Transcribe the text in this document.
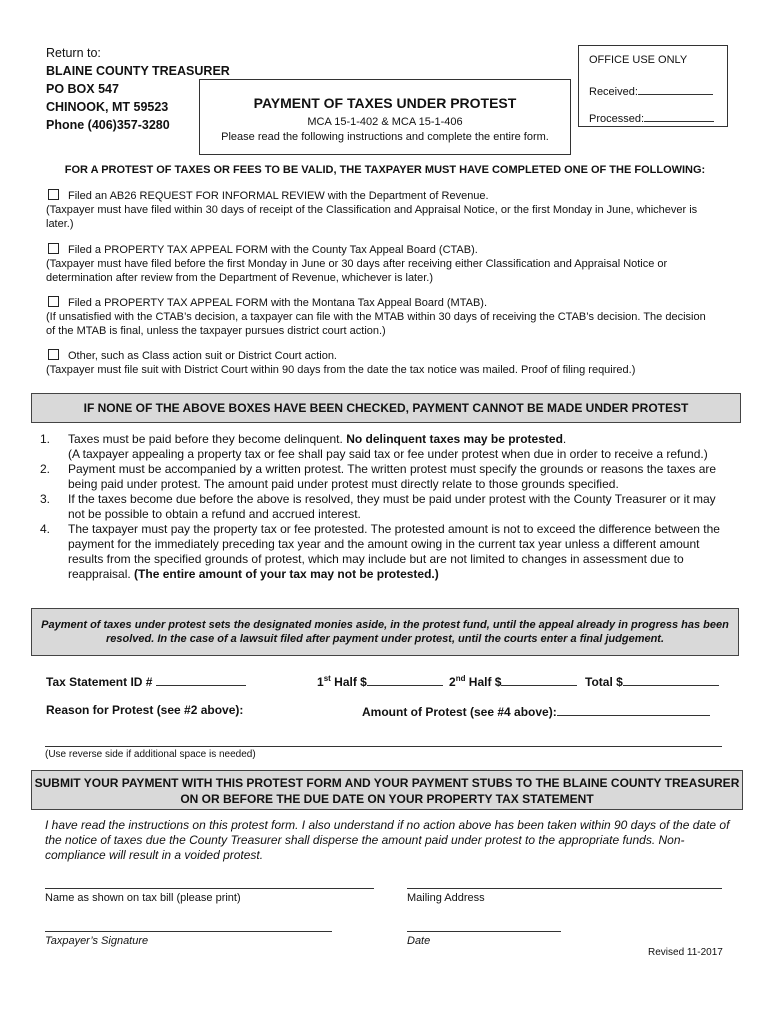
Return to:
BLAINE COUNTY TREASURER
PO BOX 547
CHINOOK, MT 59523
Phone (406)357-3280
PAYMENT OF TAXES UNDER PROTEST
MCA 15-1-402 & MCA 15-1-406
Please read the following instructions and complete the entire form.
OFFICE USE ONLY
Received:
Processed:
FOR A PROTEST OF TAXES OR FEES TO BE VALID, THE TAXPAYER MUST HAVE COMPLETED ONE OF THE FOLLOWING:
Filed an AB26 REQUEST FOR INFORMAL REVIEW with the Department of Revenue.
(Taxpayer must have filed within 30 days of receipt of the Classification and Appraisal Notice, or the first Monday in June, whichever is later.)
Filed a PROPERTY TAX APPEAL FORM with the County Tax Appeal Board (CTAB).
(Taxpayer must have filed before the first Monday in June or 30 days after receiving either Classification and Appraisal Notice or determination after review from the Department of Revenue, whichever is later.)
Filed a PROPERTY TAX APPEAL FORM with the Montana Tax Appeal Board (MTAB).
(If unsatisfied with the CTAB’s decision, a taxpayer can file with the MTAB within 30 days of receiving the CTAB’s decision. The decision of the MTAB is final, unless the taxpayer pursues district court action.)
Other, such as Class action suit or District Court action.
(Taxpayer must file suit with District Court within 90 days from the date the tax notice was mailed. Proof of filing required.)
IF NONE OF THE ABOVE BOXES HAVE BEEN CHECKED, PAYMENT CANNOT BE MADE UNDER PROTEST
1. Taxes must be paid before they become delinquent. No delinquent taxes may be protested.
(A taxpayer appealing a property tax or fee shall pay said tax or fee under protest when due in order to receive a refund.)
2. Payment must be accompanied by a written protest. The written protest must specify the grounds or reasons the taxes are being paid under protest. The amount paid under protest must directly relate to those grounds specified.
3. If the taxes become due before the above is resolved, they must be paid under protest with the County Treasurer or it may not be possible to obtain a refund and accrued interest.
4. The taxpayer must pay the property tax or fee protested. The protested amount is not to exceed the difference between the payment for the immediately preceding tax year and the amount owing in the current tax year unless a different amount results from the specified grounds of protest, which may include but are not limited to changes in assessment due to reappraisal. (The entire amount of your tax may not be protested.)
Payment of taxes under protest sets the designated monies aside, in the protest fund, until the appeal already in progress has been resolved. In the case of a lawsuit filed after payment under protest, until the courts enter a final judgement.
Tax Statement ID #	1st Half $	2nd Half $	Total $
Reason for Protest (see #2 above):	Amount of Protest (see #4 above):
(Use reverse side if additional space is needed)
SUBMIT YOUR PAYMENT WITH THIS PROTEST FORM AND YOUR PAYMENT STUBS TO THE BLAINE COUNTY TREASURER ON OR BEFORE THE DUE DATE ON YOUR PROPERTY TAX STATEMENT
I have read the instructions on this protest form. I also understand if no action above has been taken within 90 days of the date of the notice of taxes due the County Treasurer shall disperse the amount paid under protest to the appropriate funds. Non-compliance will result in a voided protest.
Name as shown on tax bill (please print)	Mailing Address
Taxpayer’s Signature	Date
Revised 11-2017
